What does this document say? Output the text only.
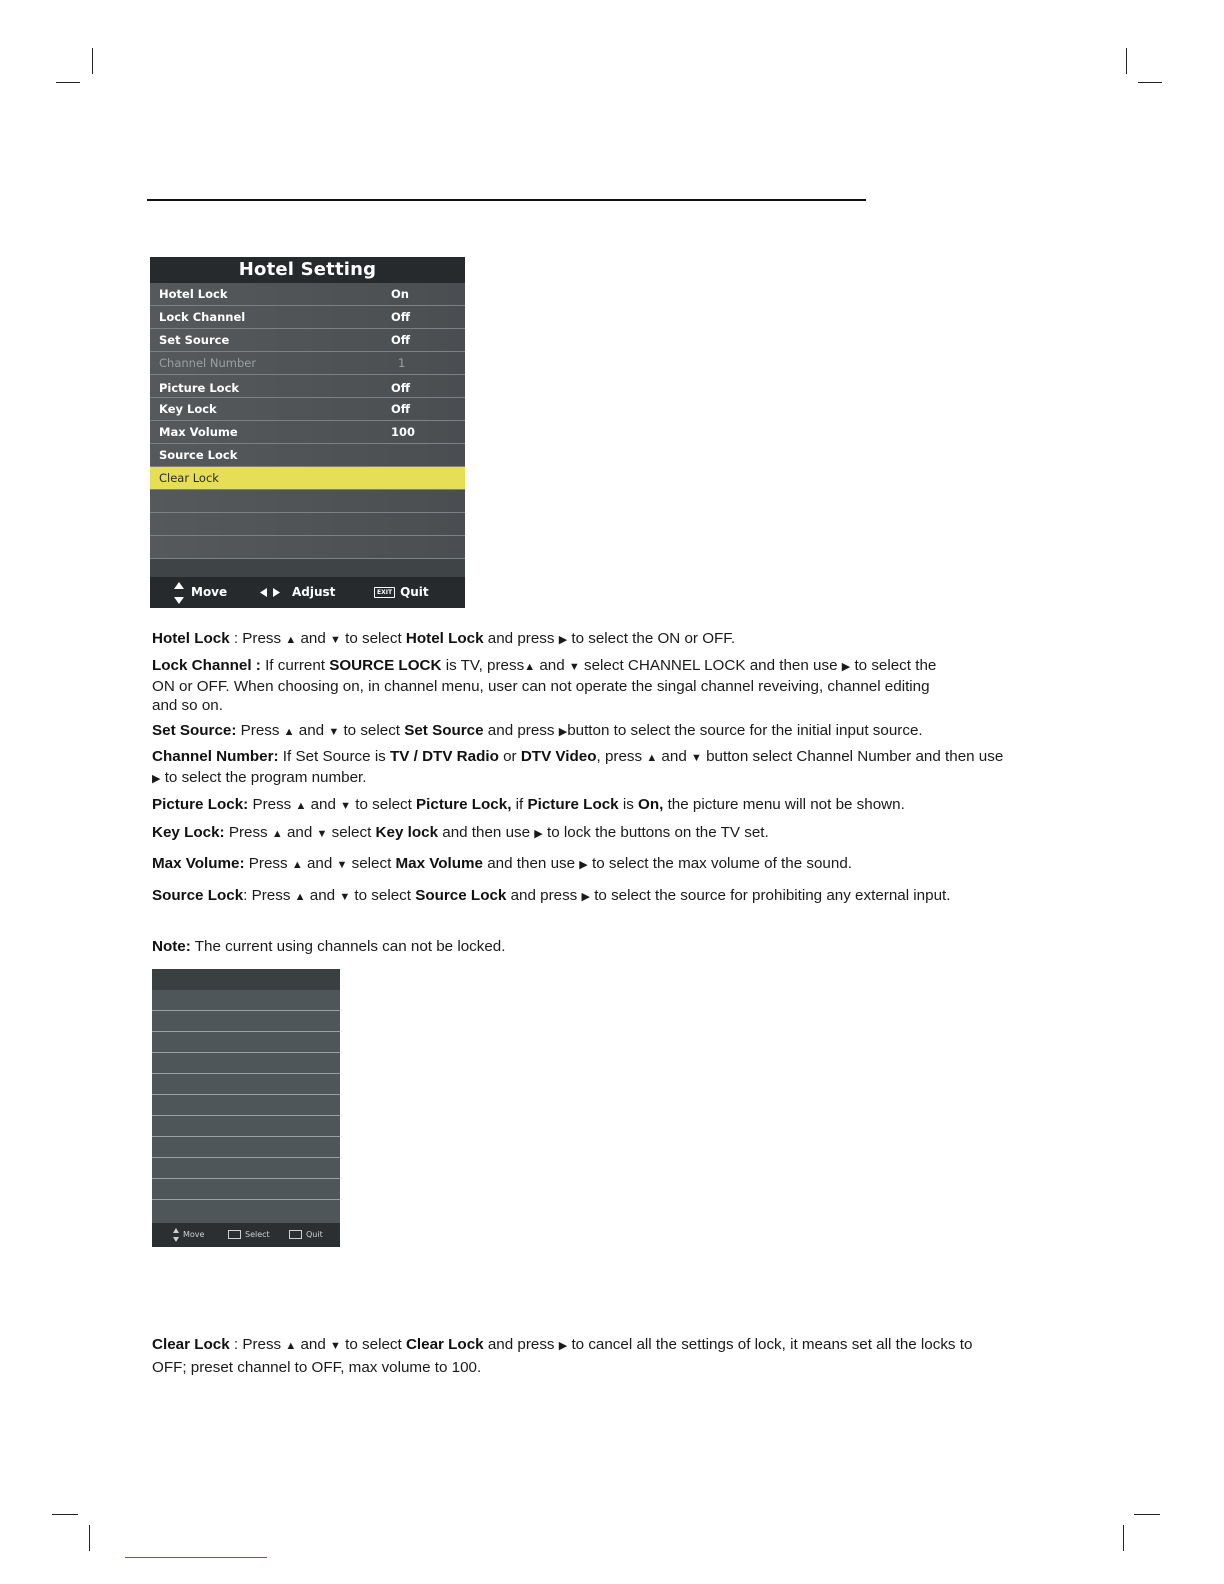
Hotel Setting
Hotel Lock	On
Lock Channel	Off
Set Source	Off
Channel Number	1
Picture Lock	Off
Key Lock	Off
Max Volume	100
Source Lock
Clear Lock
Move	Adjust	EXIT Quit
Hotel Lock : Press ▲ and ▼ to select Hotel Lock and press ▶ to select the ON or OFF.
Lock Channel : If current SOURCE LOCK is TV, press▲ and ▼ select CHANNEL LOCK and then use ▶ to select the ON or OFF. When choosing on, in channel menu, user can not operate the singal channel reveiving, channel editing and so on.
Set Source: Press ▲ and ▼ to select Set Source and press ▶button to select the source for the initial input source.
Channel Number: If Set Source is TV / DTV Radio or DTV Video, press ▲ and ▼ button select Channel Number and then use ▶ to select the program number.
Picture Lock: Press ▲ and ▼ to select Picture Lock, if Picture Lock is On, the picture menu will not be shown.
Key Lock: Press ▲ and ▼ select Key lock and then use ▶ to lock the buttons on the TV set.
Max Volume: Press ▲ and ▼ select Max Volume and then use ▶ to select the max volume of the sound.
Source Lock: Press ▲ and ▼ to select Source Lock and press ▶ to select the source for prohibiting any external input.
Note: The current using channels can not be locked.
Move	Select	Quit
Clear Lock : Press ▲ and ▼ to select Clear Lock and press ▶ to cancel all the settings of lock, it means set all the locks to OFF; preset channel to OFF, max volume to 100.
